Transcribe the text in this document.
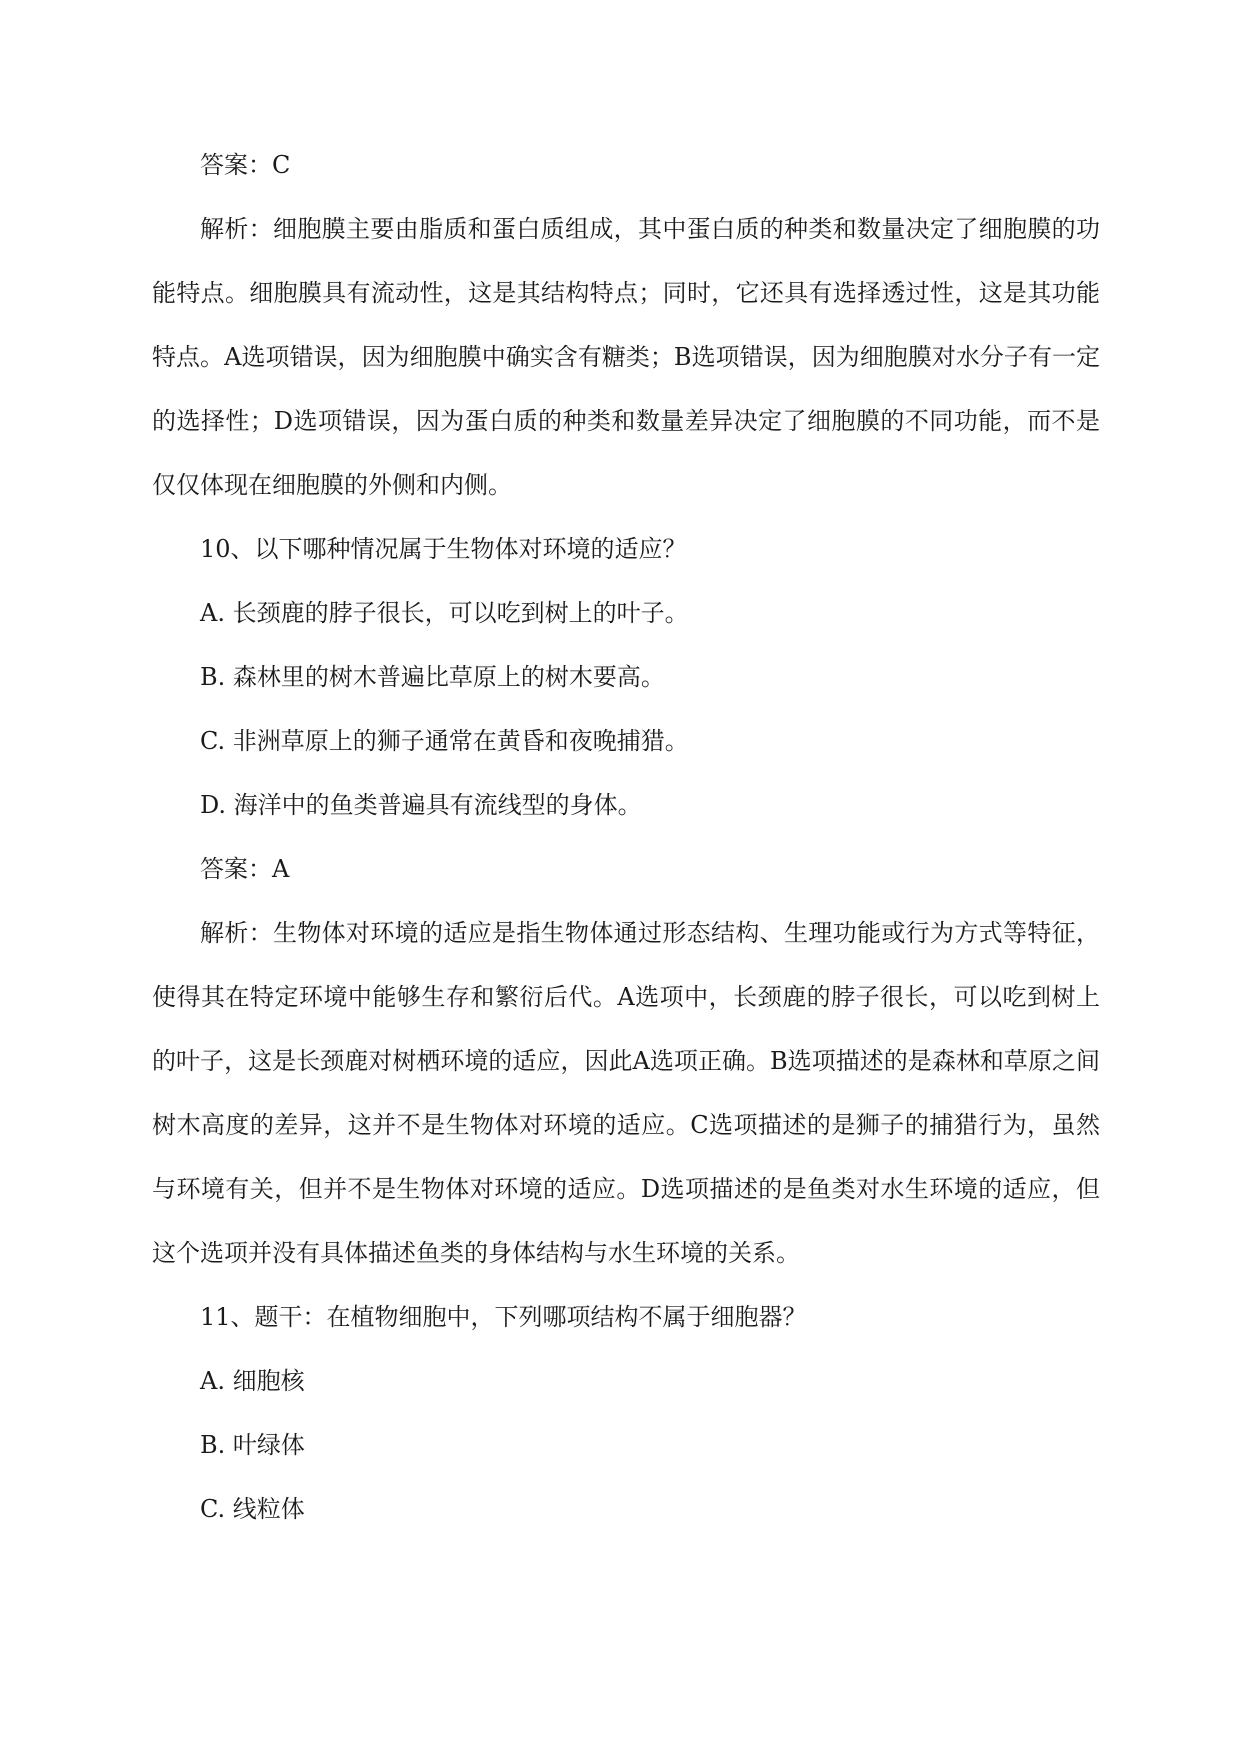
答案：C
解析：细胞膜主要由脂质和蛋白质组成，其中蛋白质的种类和数量决定了细胞膜的功能特点。细胞膜具有流动性，这是其结构特点；同时，它还具有选择透过性，这是其功能特点。A选项错误，因为细胞膜中确实含有糖类；B选项错误，因为细胞膜对水分子有一定的选择性；D选项错误，因为蛋白质的种类和数量差异决定了细胞膜的不同功能，而不是仅仅体现在细胞膜的外侧和内侧。
10、以下哪种情况属于生物体对环境的适应？
A. 长颈鹿的脖子很长，可以吃到树上的叶子。
B. 森林里的树木普遍比草原上的树木要高。
C. 非洲草原上的狮子通常在黄昏和夜晚捕猎。
D. 海洋中的鱼类普遍具有流线型的身体。
答案：A
解析：生物体对环境的适应是指生物体通过形态结构、生理功能或行为方式等特征，使得其在特定环境中能够生存和繁衍后代。A选项中，长颈鹿的脖子很长，可以吃到树上的叶子，这是长颈鹿对树栖环境的适应，因此A选项正确。B选项描述的是森林和草原之间树木高度的差异，这并不是生物体对环境的适应。C选项描述的是狮子的捕猎行为，虽然与环境有关，但并不是生物体对环境的适应。D选项描述的是鱼类对水生环境的适应，但这个选项并没有具体描述鱼类的身体结构与水生环境的关系。
11、题干：在植物细胞中，下列哪项结构不属于细胞器？
A. 细胞核
B. 叶绿体
C. 线粒体
